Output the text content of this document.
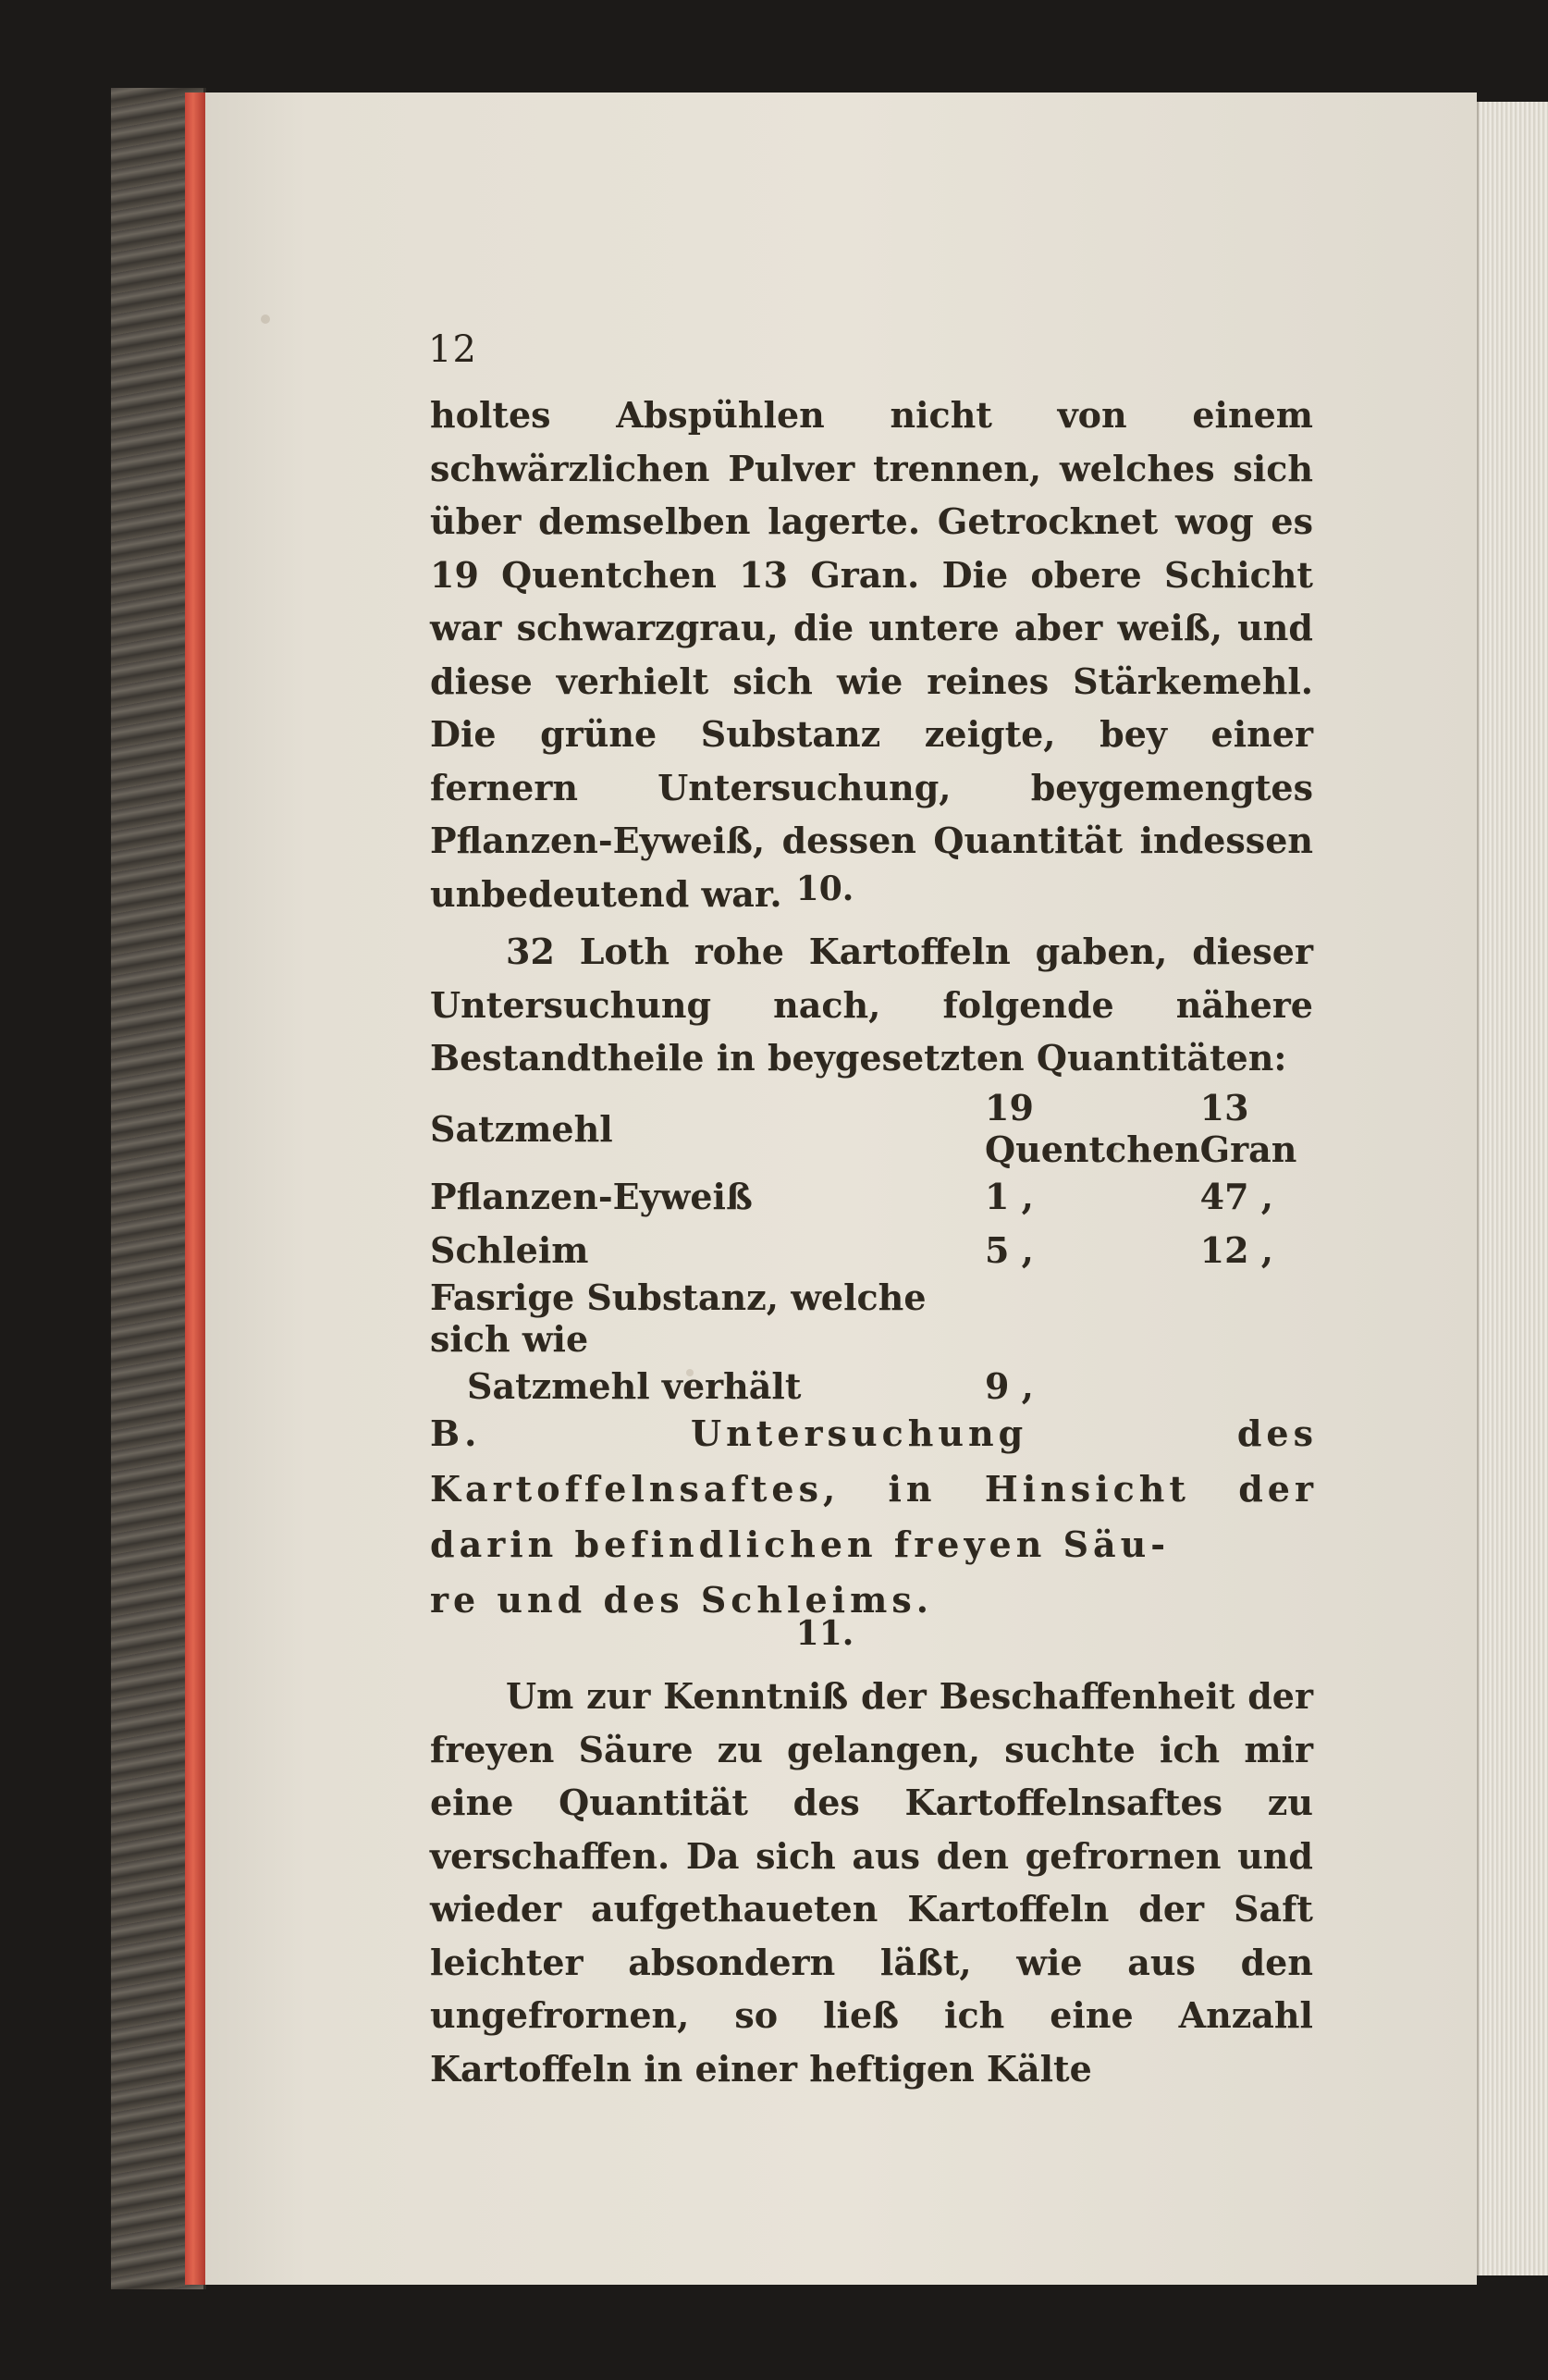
12
holtes Abspühlen nicht von einem schwärzlichen Pulver trennen, welches sich über demselben lagerte. Getrocknet wog es 19 Quentchen 13 Gran. Die obere Schicht war schwarzgrau, die untere aber weiß, und diese verhielt sich wie reines Stärkemehl. Die grüne Substanz zeigte, bey einer fernern Untersuchung, beygemengtes Pflanzen-Eyweiß, dessen Quantität indessen unbedeutend war. 10.
32 Loth rohe Kartoffeln gaben, dieser Untersuchung nach, folgende nähere Bestandtheile in beygesetzten Quantitäten:
Satzmehl	19 Quentchen	13 Gran
Pflanzen-Eyweiß	1 ,	47 ,
Schleim	5 ,	12 ,
Fasrige Substanz, welche sich wie		
Satzmehl verhält	9 ,	
B. Untersuchung des Kartoffelnsaftes, in Hinsicht der darin befindlichen freyen Säu-
re und des Schleims.
11.
Um zur Kenntniß der Beschaffenheit der freyen Säure zu gelangen, suchte ich mir eine Quantität des Kartoffelnsaftes zu verschaffen. Da sich aus den gefrornen und wieder aufgethaueten Kartoffeln der Saft leichter absondern läßt, wie aus den ungefrornen, so ließ ich eine Anzahl Kartoffeln in einer heftigen Kälte
